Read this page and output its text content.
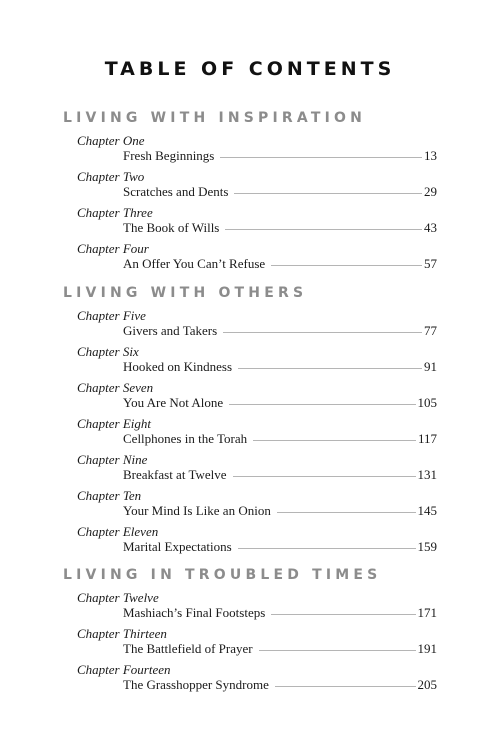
TABLE OF CONTENTS
LIVING WITH INSPIRATION
Chapter One
Fresh Beginnings	13
Chapter Two
Scratches and Dents	29
Chapter Three
The Book of Wills	43
Chapter Four
An Offer You Can’t Refuse	57
LIVING WITH OTHERS
Chapter Five
Givers and Takers	77
Chapter Six
Hooked on Kindness	91
Chapter Seven
You Are Not Alone	105
Chapter Eight
Cellphones in the Torah	117
Chapter Nine
Breakfast at Twelve	131
Chapter Ten
Your Mind Is Like an Onion	145
Chapter Eleven
Marital Expectations	159
LIVING IN TROUBLED TIMES
Chapter Twelve
Mashiach’s Final Footsteps	171
Chapter Thirteen
The Battlefield of Prayer	191
Chapter Fourteen
The Grasshopper Syndrome	205
